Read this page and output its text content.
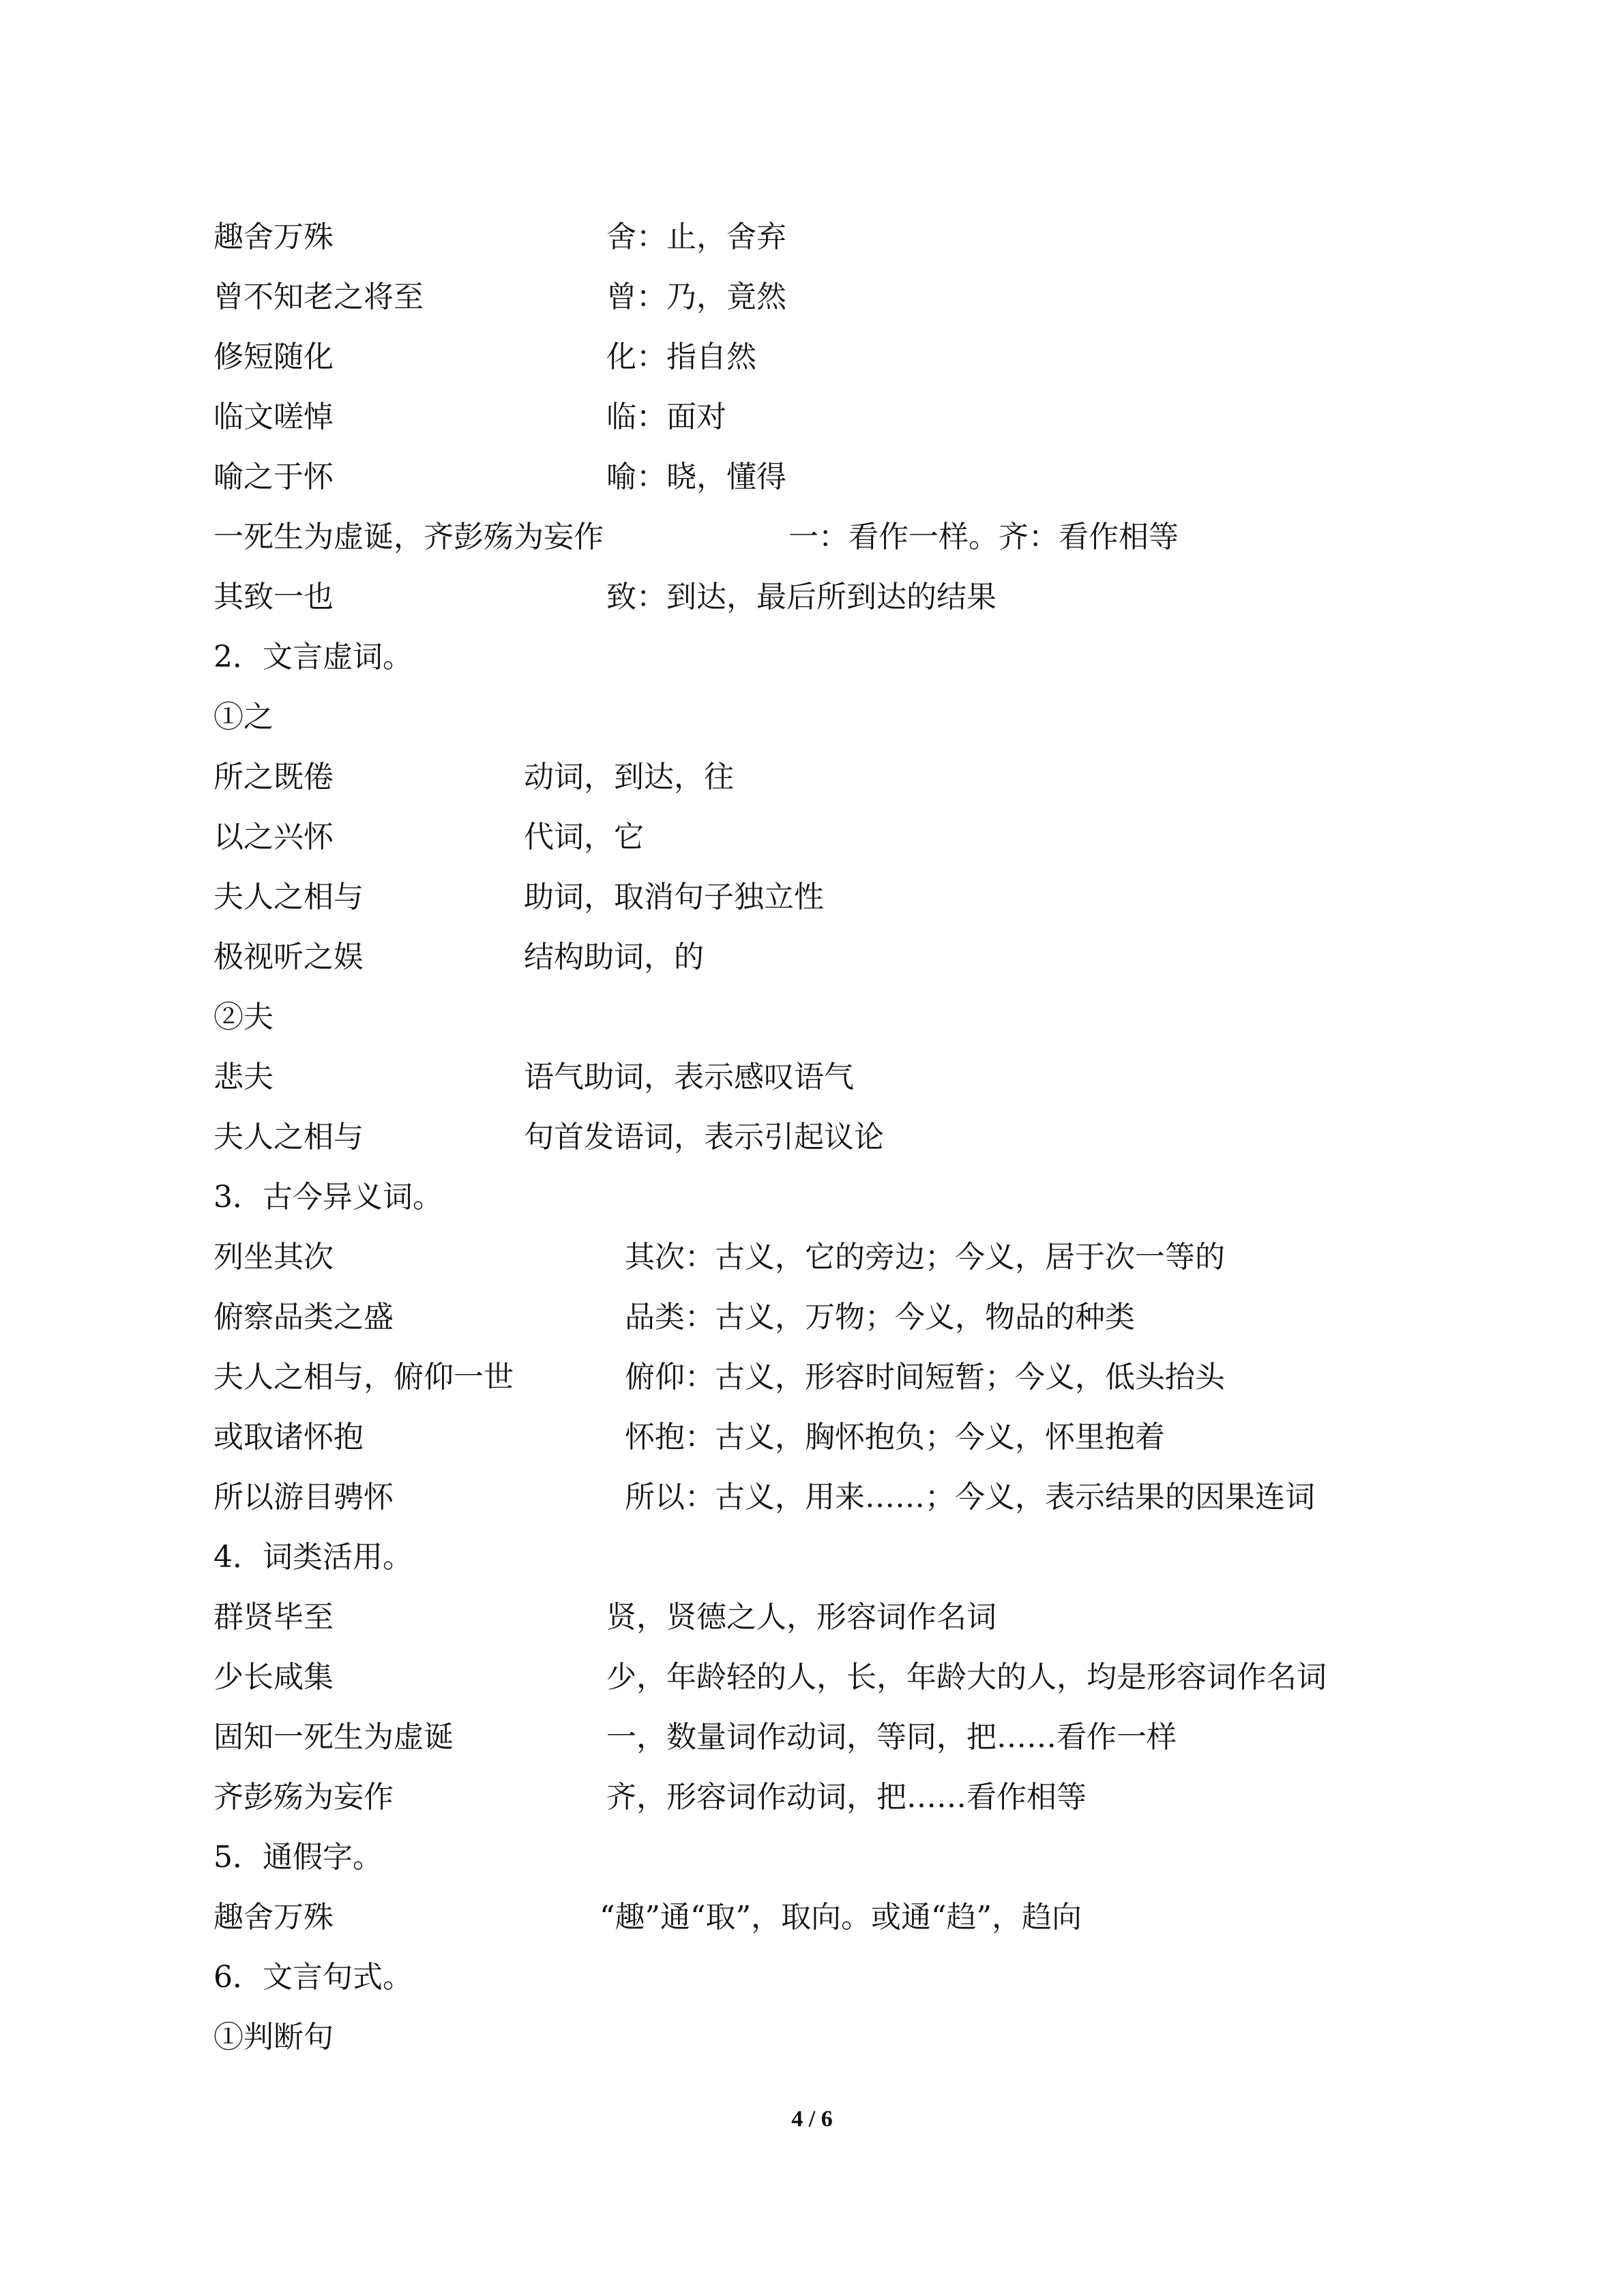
趣舍万殊	舍：止，舍弃
曾不知老之将至	曾：乃，竟然
修短随化	化：指自然
临文嗟悼	临：面对
喻之于怀	喻：晓，懂得
一死生为虚诞，齐彭殇为妄作	一：看作一样。齐：看作相等
其致一也	致：到达，最后所到达的结果
2．文言虚词。
①之
所之既倦	动词，到达，往
以之兴怀	代词，它
夫人之相与	助词，取消句子独立性
极视听之娱	结构助词，的
②夫
悲夫	语气助词，表示感叹语气
夫人之相与	句首发语词，表示引起议论
3．古今异义词。
列坐其次	其次：古义，它的旁边；今义，居于次一等的
俯察品类之盛	品类：古义，万物；今义，物品的种类
夫人之相与，俯仰一世	俯仰：古义，形容时间短暂；今义，低头抬头
或取诸怀抱	怀抱：古义，胸怀抱负；今义，怀里抱着
所以游目骋怀	所以：古义，用来……；今义，表示结果的因果连词
4．词类活用。
群贤毕至	贤，贤德之人，形容词作名词
少长咸集	少，年龄轻的人，长，年龄大的人，均是形容词作名词
固知一死生为虚诞	一，数量词作动词，等同，把……看作一样
齐彭殇为妄作	齐，形容词作动词，把……看作相等
5．通假字。
趣舍万殊	“趣”通“取”，取向。或通“趋”，趋向
6．文言句式。
①判断句
4 / 6
